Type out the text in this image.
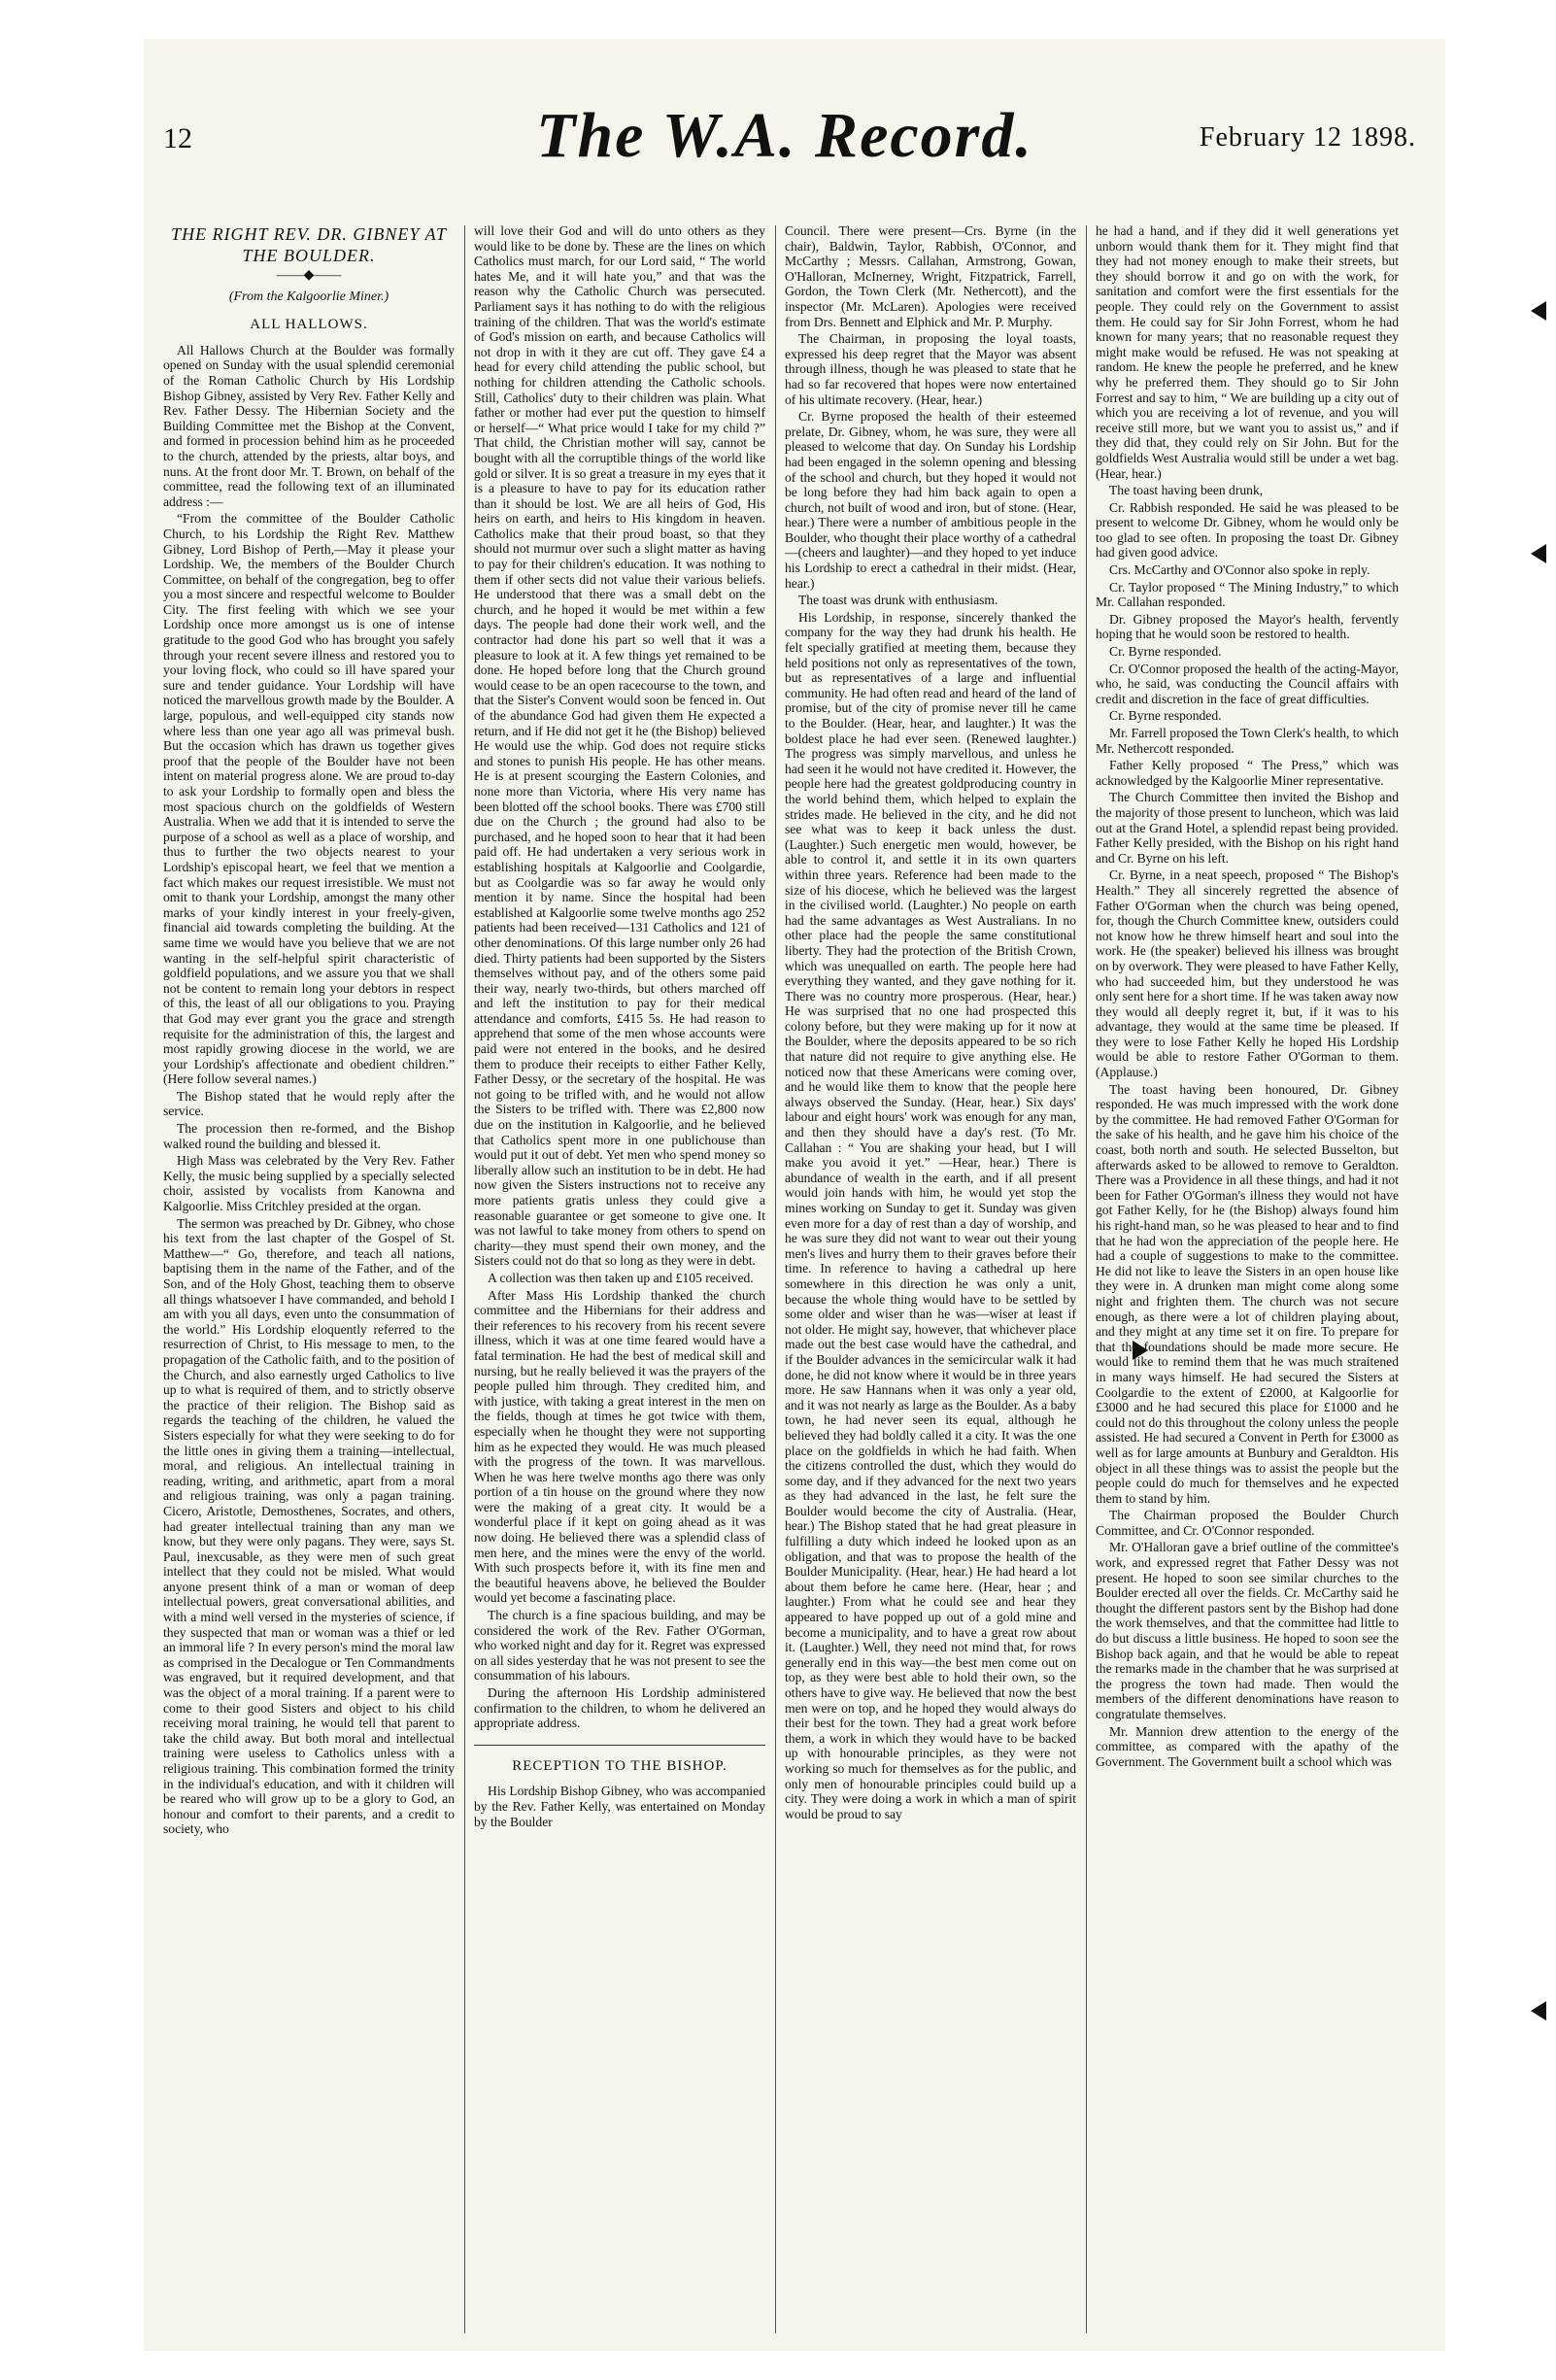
12	The W.A. Record.	February 12 1898.
THE RIGHT REV. DR. GIBNEY AT THE BOULDER.
——◆——
(From the Kalgoorlie Miner.)
ALL HALLOWS.

All Hallows Church at the Boulder was formally opened on Sunday with the usual splendid ceremonial of the Roman Catholic Church by His Lordship Bishop Gibney, assisted by Very Rev. Father Kelly and Rev. Father Dessy. The Hibernian Society and the Building Committee met the Bishop at the Convent, and formed in procession behind him as he proceeded to the church, attended by the priests, altar boys, and nuns. At the front door Mr. T. Brown, on behalf of the committee, read the following text of an illuminated address :—

“From the committee of the Boulder Catholic Church, to his Lordship the Right Rev. Matthew Gibney, Lord Bishop of Perth,—May it please your Lordship. We, the members of the Boulder Church Committee, on behalf of the congregation, beg to offer you a most sincere and respectful welcome to Boulder City. The first feeling with which we see your Lordship once more amongst us is one of intense gratitude to the good God who has brought you safely through your recent severe illness and restored you to your loving flock, who could so ill have spared your sure and tender guidance. Your Lordship will have noticed the marvellous growth made by the Boulder. A large, populous, and well-equipped city stands now where less than one year ago all was primeval bush. But the occasion which has drawn us together gives proof that the people of the Boulder have not been intent on material progress alone. We are proud to-day to ask your Lordship to formally open and bless the most spacious church on the goldfields of Western Australia. When we add that it is intended to serve the purpose of a school as well as a place of worship, and thus to further the two objects nearest to your Lordship's episcopal heart, we feel that we mention a fact which makes our request irresistible. We must not omit to thank your Lordship, amongst the many other marks of your kindly interest in your freely-given, financial aid towards completing the building. At the same time we would have you believe that we are not wanting in the self-helpful spirit characteristic of goldfield populations, and we assure you that we shall not be content to remain long your debtors in respect of this, the least of all our obligations to you. Praying that God may ever grant you the grace and strength requisite for the administration of this, the largest and most rapidly growing diocese in the world, we are your Lordship's affectionate and obedient children.” (Here follow several names.)

The Bishop stated that he would reply after the service.

The procession then re-formed, and the Bishop walked round the building and blessed it.

High Mass was celebrated by the Very Rev. Father Kelly, the music being supplied by a specially selected choir, assisted by vocalists from Kanowna and Kalgoorlie. Miss Critchley presided at the organ.

The sermon was preached by Dr. Gibney, who chose his text from the last chapter of the Gospel of St. Matthew—“ Go, therefore, and teach all nations, baptising them in the name of the Father, and of the Son, and of the Holy Ghost, teaching them to observe all things whatsoever I have commanded, and behold I am with you all days, even unto the consummation of the world.” His Lordship eloquently referred to the resurrection of Christ, to His message to men, to the propagation of the Catholic faith, and to the position of the Church, and also earnestly urged Catholics to live up to what is required of them, and to strictly observe the practice of their religion. The Bishop said as regards the teaching of the children, he valued the Sisters especially for what they were seeking to do for the little ones in giving them a training—intellectual, moral, and religious. An intellectual training in reading, writing, and arithmetic, apart from a moral and religious training, was only a pagan training. Cicero, Aristotle, Demosthenes, Socrates, and others, had greater intellectual training than any man we know, but they were only pagans. They were, says St. Paul, inexcusable, as they were men of such great intellect that they could not be misled. What would anyone present think of a man or woman of deep intellectual powers, great conversational abilities, and with a mind well versed in the mysteries of science, if they suspected that man or woman was a thief or led an immoral life ? In every person's mind the moral law as comprised in the Decalogue or Ten Commandments was engraved, but it required development, and that was the object of a moral training. If a parent were to come to their good Sisters and object to his child receiving moral training, he would tell that parent to take the child away. But both moral and intellectual training were useless to Catholics unless with a religious training. This combination formed the trinity in the individual's education, and with it children will be reared who will grow up to be a glory to God, an honour and comfort to their parents, and a credit to society, who

will love their God and will do unto others as they would like to be done by. These are the lines on which Catholics must march, for our Lord said, “ The world hates Me, and it will hate you,” and that was the reason why the Catholic Church was persecuted. Parliament says it has nothing to do with the religious training of the children. That was the world's estimate of God's mission on earth, and because Catholics will not drop in with it they are cut off. They gave £4 a head for every child attending the public school, but nothing for children attending the Catholic schools. Still, Catholics' duty to their children was plain. What father or mother had ever put the question to himself or herself—“ What price would I take for my child ?” That child, the Christian mother will say, cannot be bought with all the corruptible things of the world like gold or silver. It is so great a treasure in my eyes that it is a pleasure to have to pay for its education rather than it should be lost. We are all heirs of God, His heirs on earth, and heirs to His kingdom in heaven. Catholics make that their proud boast, so that they should not murmur over such a slight matter as having to pay for their children's education. It was nothing to them if other sects did not value their various beliefs. He understood that there was a small debt on the church, and he hoped it would be met within a few days. The people had done their work well, and the contractor had done his part so well that it was a pleasure to look at it. A few things yet remained to be done. He hoped before long that the Church ground would cease to be an open racecourse to the town, and that the Sister's Convent would soon be fenced in. Out of the abundance God had given them He expected a return, and if He did not get it he (the Bishop) believed He would use the whip. God does not require sticks and stones to punish His people. He has other means. He is at present scourging the Eastern Colonies, and none more than Victoria, where His very name has been blotted off the school books. There was £700 still due on the Church ; the ground had also to be purchased, and he hoped soon to hear that it had been paid off. He had undertaken a very serious work in establishing hospitals at Kalgoorlie and Coolgardie, but as Coolgardie was so far away he would only mention it by name. Since the hospital had been established at Kalgoorlie some twelve months ago 252 patients had been received—131 Catholics and 121 of other denominations. Of this large number only 26 had died. Thirty patients had been supported by the Sisters themselves without pay, and of the others some paid their way, nearly two-thirds, but others marched off and left the institution to pay for their medical attendance and comforts, £415 5s. He had reason to apprehend that some of the men whose accounts were paid were not entered in the books, and he desired them to produce their receipts to either Father Kelly, Father Dessy, or the secretary of the hospital. He was not going to be trifled with, and he would not allow the Sisters to be trifled with. There was £2,800 now due on the institution in Kalgoorlie, and he believed that Catholics spent more in one publichouse than would put it out of debt. Yet men who spend money so liberally allow such an institution to be in debt. He had now given the Sisters instructions not to receive any more patients gratis unless they could give a reasonable guarantee or get someone to give one. It was not lawful to take money from others to spend on charity—they must spend their own money, and the Sisters could not do that so long as they were in debt.

A collection was then taken up and £105 received.

After Mass His Lordship thanked the church committee and the Hibernians for their address and their references to his recovery from his recent severe illness, which it was at one time feared would have a fatal termination. He had the best of medical skill and nursing, but he really believed it was the prayers of the people pulled him through. They credited him, and with justice, with taking a great interest in the men on the fields, though at times he got twice with them, especially when he thought they were not supporting him as he expected they would. He was much pleased with the progress of the town. It was marvellous. When he was here twelve months ago there was only portion of a tin house on the ground where they now were the making of a great city. It would be a wonderful place if it kept on going ahead as it was now doing. He believed there was a splendid class of men here, and the mines were the envy of the world. With such prospects before it, with its fine men and the beautiful heavens above, he believed the Boulder would yet become a fascinating place.

The church is a fine spacious building, and may be considered the work of the Rev. Father O'Gorman, who worked night and day for it. Regret was expressed on all sides yesterday that he was not present to see the consummation of his labours.

During the afternoon His Lordship administered confirmation to the children, to whom he delivered an appropriate address.

RECEPTION TO THE BISHOP.

His Lordship Bishop Gibney, who was accompanied by the Rev. Father Kelly, was entertained on Monday by the Boulder

Council. There were present—Crs. Byrne (in the chair), Baldwin, Taylor, Rabbish, O'Connor, and McCarthy ; Messrs. Callahan, Armstrong, Gowan, O'Halloran, McInerney, Wright, Fitzpatrick, Farrell, Gordon, the Town Clerk (Mr. Nethercott), and the inspector (Mr. McLaren). Apologies were received from Drs. Bennett and Elphick and Mr. P. Murphy.

The Chairman, in proposing the loyal toasts, expressed his deep regret that the Mayor was absent through illness, though he was pleased to state that he had so far recovered that hopes were now entertained of his ultimate recovery. (Hear, hear.)

Cr. Byrne proposed the health of their esteemed prelate, Dr. Gibney, whom, he was sure, they were all pleased to welcome that day. On Sunday his Lordship had been engaged in the solemn opening and blessing of the school and church, but they hoped it would not be long before they had him back again to open a church, not built of wood and iron, but of stone. (Hear, hear.) There were a number of ambitious people in the Boulder, who thought their place worthy of a cathedral —(cheers and laughter)—and they hoped to yet induce his Lordship to erect a cathedral in their midst. (Hear, hear.)

The toast was drunk with enthusiasm.

His Lordship, in response, sincerely thanked the company for the way they had drunk his health. He felt specially gratified at meeting them, because they held positions not only as representatives of the town, but as representatives of a large and influential community. He had often read and heard of the land of promise, but of the city of promise never till he came to the Boulder. (Hear, hear, and laughter.) It was the boldest place he had ever seen. (Renewed laughter.) The progress was simply marvellous, and unless he had seen it he would not have credited it. However, the people here had the greatest goldproducing country in the world behind them, which helped to explain the strides made. He believed in the city, and he did not see what was to keep it back unless the dust. (Laughter.) Such energetic men would, however, be able to control it, and settle it in its own quarters within three years. Reference had been made to the size of his diocese, which he believed was the largest in the civilised world. (Laughter.) No people on earth had the same advantages as West Australians. In no other place had the people the same constitutional liberty. They had the protection of the British Crown, which was unequalled on earth. The people here had everything they wanted, and they gave nothing for it. There was no country more prosperous. (Hear, hear.) He was surprised that no one had prospected this colony before, but they were making up for it now at the Boulder, where the deposits appeared to be so rich that nature did not require to give anything else. He noticed now that these Americans were coming over, and he would like them to know that the people here always observed the Sunday. (Hear, hear.) Six days' labour and eight hours' work was enough for any man, and then they should have a day's rest. (To Mr. Callahan : “ You are shaking your head, but I will make you avoid it yet.” —Hear, hear.) There is abundance of wealth in the earth, and if all present would join hands with him, he would yet stop the mines working on Sunday to get it. Sunday was given even more for a day of rest than a day of worship, and he was sure they did not want to wear out their young men's lives and hurry them to their graves before their time. In reference to having a cathedral up here somewhere in this direction he was only a unit, because the whole thing would have to be settled by some older and wiser than he was—wiser at least if not older. He might say, however, that whichever place made out the best case would have the cathedral, and if the Boulder advances in the semicircular walk it had done, he did not know where it would be in three years more. He saw Hannans when it was only a year old, and it was not nearly as large as the Boulder. As a baby town, he had never seen its equal, although he believed they had boldly called it a city. It was the one place on the goldfields in which he had faith. When the citizens controlled the dust, which they would do some day, and if they advanced for the next two years as they had advanced in the last, he felt sure the Boulder would become the city of Australia. (Hear, hear.) The Bishop stated that he had great pleasure in fulfilling a duty which indeed he looked upon as an obligation, and that was to propose the health of the Boulder Municipality. (Hear, hear.) He had heard a lot about them before he came here. (Hear, hear ; and laughter.) From what he could see and hear they appeared to have popped up out of a gold mine and become a municipality, and to have a great row about it. (Laughter.) Well, they need not mind that, for rows generally end in this way—the best men come out on top, as they were best able to hold their own, so the others have to give way. He believed that now the best men were on top, and he hoped they would always do their best for the town. They had a great work before them, a work in which they would have to be backed up with honourable principles, as they were not working so much for themselves as for the public, and only men of honourable principles could build up a city. They were doing a work in which a man of spirit would be proud to say

he had a hand, and if they did it well generations yet unborn would thank them for it. They might find that they had not money enough to make their streets, but they should borrow it and go on with the work, for sanitation and comfort were the first essentials for the people. They could rely on the Government to assist them. He could say for Sir John Forrest, whom he had known for many years; that no reasonable request they might make would be refused. He was not speaking at random. He knew the people he preferred, and he knew why he preferred them. They should go to Sir John Forrest and say to him, “ We are building up a city out of which you are receiving a lot of revenue, and you will receive still more, but we want you to assist us,” and if they did that, they could rely on Sir John. But for the goldfields West Australia would still be under a wet bag. (Hear, hear.)

The toast having been drunk,

Cr. Rabbish responded. He said he was pleased to be present to welcome Dr. Gibney, whom he would only be too glad to see often. In proposing the toast Dr. Gibney had given good advice.

Crs. McCarthy and O'Connor also spoke in reply.

Cr. Taylor proposed “ The Mining Industry,” to which Mr. Callahan responded.

Dr. Gibney proposed the Mayor's health, fervently hoping that he would soon be restored to health.

Cr. Byrne responded.

Cr. O'Connor proposed the health of the acting-Mayor, who, he said, was conducting the Council affairs with credit and discretion in the face of great difficulties.

Cr. Byrne responded.

Mr. Farrell proposed the Town Clerk's health, to which Mr. Nethercott responded.

Father Kelly proposed “ The Press,” which was acknowledged by the Kalgoorlie Miner representative.

The Church Committee then invited the Bishop and the majority of those present to luncheon, which was laid out at the Grand Hotel, a splendid repast being provided. Father Kelly presided, with the Bishop on his right hand and Cr. Byrne on his left.

Cr. Byrne, in a neat speech, proposed “ The Bishop's Health.” They all sincerely regretted the absence of Father O'Gorman when the church was being opened, for, though the Church Committee knew, outsiders could not know how he threw himself heart and soul into the work. He (the speaker) believed his illness was brought on by overwork. They were pleased to have Father Kelly, who had succeeded him, but they understood he was only sent here for a short time. If he was taken away now they would all deeply regret it, but, if it was to his advantage, they would at the same time be pleased. If they were to lose Father Kelly he hoped His Lordship would be able to restore Father O'Gorman to them. (Applause.)

The toast having been honoured, Dr. Gibney responded. He was much impressed with the work done by the committee. He had removed Father O'Gorman for the sake of his health, and he gave him his choice of the coast, both north and south. He selected Busselton, but afterwards asked to be allowed to remove to Geraldton. There was a Providence in all these things, and had it not been for Father O'Gorman's illness they would not have got Father Kelly, for he (the Bishop) always found him his right-hand man, so he was pleased to hear and to find that he had won the appreciation of the people here. He had a couple of suggestions to make to the committee. He did not like to leave the Sisters in an open house like they were in. A drunken man might come along some night and frighten them. The church was not secure enough, as there were a lot of children playing about, and they might at any time set it on fire. To prepare for that the foundations should be made more secure. He would like to remind them that he was much straitened in many ways himself. He had secured the Sisters at Coolgardie to the extent of £2000, at Kalgoorlie for £3000 and he had secured this place for £1000 and he could not do this throughout the colony unless the people assisted. He had secured a Convent in Perth for £3000 as well as for large amounts at Bunbury and Geraldton. His object in all these things was to assist the people but the people could do much for themselves and he expected them to stand by him.

The Chairman proposed the Boulder Church Committee, and Cr. O'Connor responded.

Mr. O'Halloran gave a brief outline of the committee's work, and expressed regret that Father Dessy was not present. He hoped to soon see similar churches to the Boulder erected all over the fields. Cr. McCarthy said he thought the different pastors sent by the Bishop had done the work themselves, and that the committee had little to do but discuss a little business. He hoped to soon see the Bishop back again, and that he would be able to repeat the remarks made in the chamber that he was surprised at the progress the town had made. Then would the members of the different denominations have reason to congratulate themselves.

Mr. Mannion drew attention to the energy of the committee, as compared with the apathy of the Government. The Government built a school which was
